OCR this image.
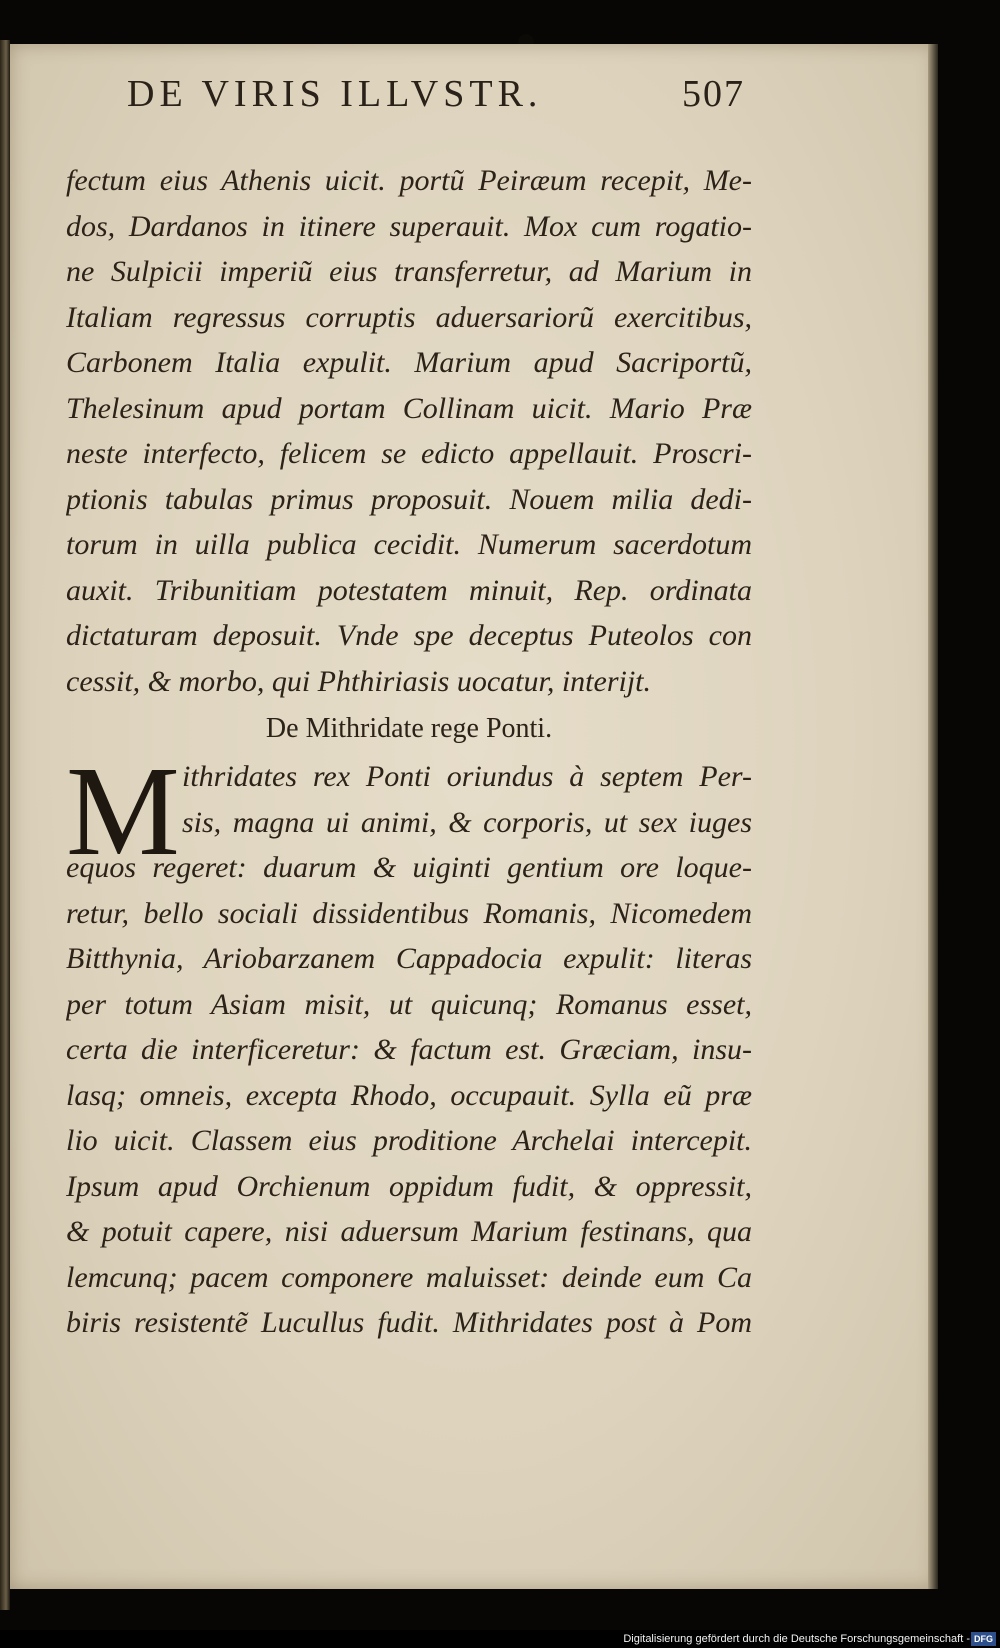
DE VIRIS ILLVSTR.	507
fectum eius Athenis uicit. portũ Peiræum recepit, Me-
dos, Dardanos in itinere superauit. Mox cum rogatio-
ne Sulpicii imperiũ eius transferretur, ad Marium in
Italiam regressus corruptis aduersariorũ exercitibus,
Carbonem Italia expulit. Marium apud Sacriportũ,
Thelesinum apud portam Collinam uicit. Mario Præ
neste interfecto, felicem se edicto appellauit. Proscri-
ptionis tabulas primus proposuit. Nouem milia dedi-
torum in uilla publica cecidit. Numerum sacerdotum
auxit. Tribunitiam potestatem minuit, Rep. ordinata
dictaturam deposuit. Vnde spe deceptus Puteolos con
cessit, & morbo, qui Phthiriasis uocatur, interijt.
De Mithridate rege Ponti.
M ithridates rex Ponti oriundus à septem Per-
sis, magna ui animi, & corporis, ut sex iuges
equos regeret: duarum & uiginti gentium ore loque-
retur, bello sociali dissidentibus Romanis, Nicomedem
Bitthynia, Ariobarzanem Cappadocia expulit: literas
per totum Asiam misit, ut quicunq; Romanus esset,
certa die interficeretur: & factum est. Græciam, insu-
lasq; omneis, excepta Rhodo, occupauit. Sylla eũ præ
lio uicit. Classem eius proditione Archelai intercepit.
Ipsum apud Orchienum oppidum fudit, & oppressit,
& potuit capere, nisi aduersum Marium festinans, qua
lemcunq; pacem componere maluisset: deinde eum Ca
biris resistentẽ Lucullus fudit. Mithridates post à Pom
Digitalisierung gefördert durch die Deutsche Forschungsgemeinschaft - DFG
